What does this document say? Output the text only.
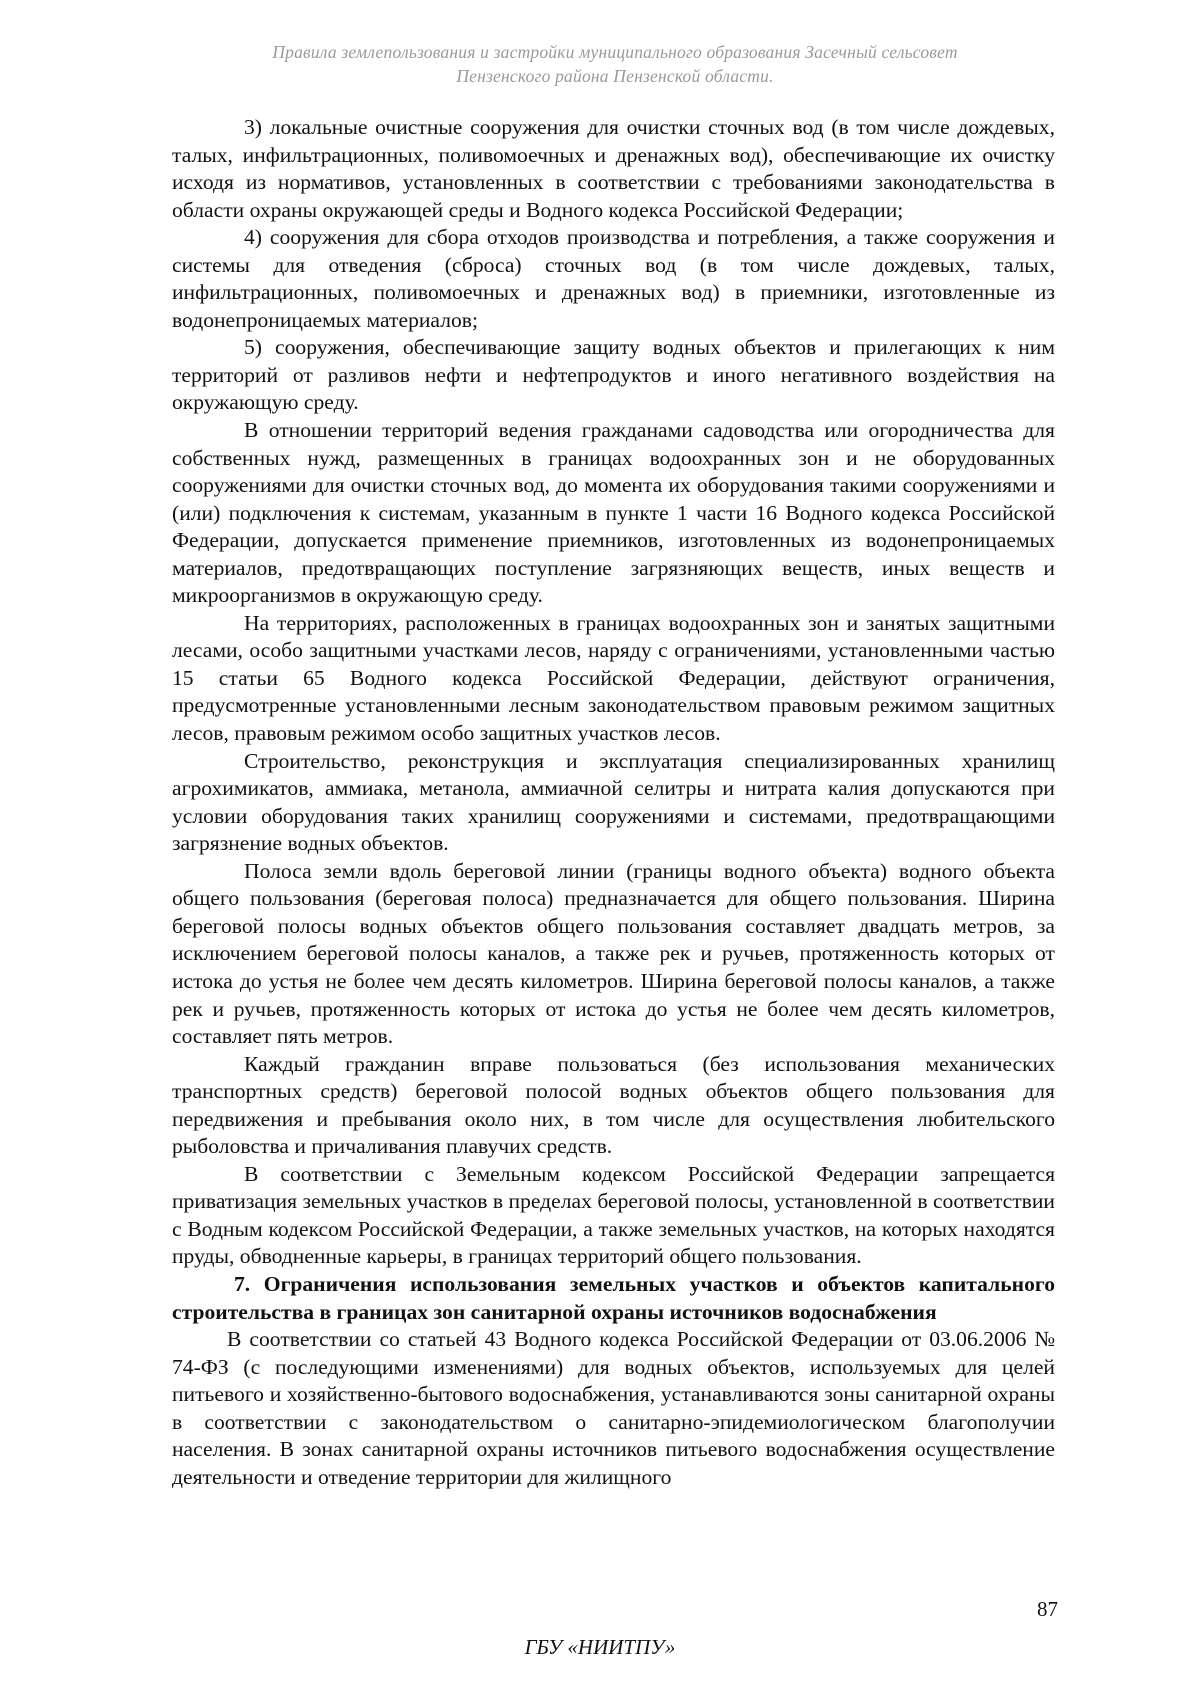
Правила землепользования и застройки муниципального образования Засечный сельсовет
Пензенского района Пензенской области.

3) локальные очистные сооружения для очистки сточных вод (в том числе дождевых, талых, инфильтрационных, поливомоечных и дренажных вод), обеспечивающие их очистку исходя из нормативов, установленных в соответствии с требованиями законодательства в области охраны окружающей среды и Водного кодекса Российской Федерации;

4) сооружения для сбора отходов производства и потребления, а также сооружения и системы для отведения (сброса) сточных вод (в том числе дождевых, талых, инфильтрационных, поливомоечных и дренажных вод) в приемники, изготовленные из водонепроницаемых материалов;

5) сооружения, обеспечивающие защиту водных объектов и прилегающих к ним территорий от разливов нефти и нефтепродуктов и иного негативного воздействия на окружающую среду.

В отношении территорий ведения гражданами садоводства или огородничества для собственных нужд, размещенных в границах водоохранных зон и не оборудованных сооружениями для очистки сточных вод, до момента их оборудования такими сооружениями и (или) подключения к системам, указанным в пункте 1 части 16 Водного кодекса Российской Федерации, допускается применение приемников, изготовленных из водонепроницаемых материалов, предотвращающих поступление загрязняющих веществ, иных веществ и микроорганизмов в окружающую среду.

На территориях, расположенных в границах водоохранных зон и занятых защитными лесами, особо защитными участками лесов, наряду с ограничениями, установленными частью 15 статьи 65 Водного кодекса Российской Федерации, действуют ограничения, предусмотренные установленными лесным законодательством правовым режимом защитных лесов, правовым режимом особо защитных участков лесов.

Строительство, реконструкция и эксплуатация специализированных хранилищ агрохимикатов, аммиака, метанола, аммиачной селитры и нитрата калия допускаются при условии оборудования таких хранилищ сооружениями и системами, предотвращающими загрязнение водных объектов.

Полоса земли вдоль береговой линии (границы водного объекта) водного объекта общего пользования (береговая полоса) предназначается для общего пользования. Ширина береговой полосы водных объектов общего пользования составляет двадцать метров, за исключением береговой полосы каналов, а также рек и ручьев, протяженность которых от истока до устья не более чем десять километров. Ширина береговой полосы каналов, а также рек и ручьев, протяженность которых от истока до устья не более чем десять километров, составляет пять метров.

Каждый гражданин вправе пользоваться (без использования механических транспортных средств) береговой полосой водных объектов общего пользования для передвижения и пребывания около них, в том числе для осуществления любительского рыболовства и причаливания плавучих средств.

В соответствии с Земельным кодексом Российской Федерации запрещается приватизация земельных участков в пределах береговой полосы, установленной в соответствии с Водным кодексом Российской Федерации, а также земельных участков, на которых находятся пруды, обводненные карьеры, в границах территорий общего пользования.

7. Ограничения использования земельных участков и объектов капитального строительства в границах зон санитарной охраны источников водоснабжения

В соответствии со статьей 43 Водного кодекса Российской Федерации от 03.06.2006 № 74-ФЗ (с последующими изменениями) для водных объектов, используемых для целей питьевого и хозяйственно-бытового водоснабжения, устанавливаются зоны санитарной охраны в соответствии с законодательством о санитарно-эпидемиологическом благополучии населения. В зонах санитарной охраны источников питьевого водоснабжения осуществление деятельности и отведение территории для жилищного

87
ГБУ «НИИТПУ»
